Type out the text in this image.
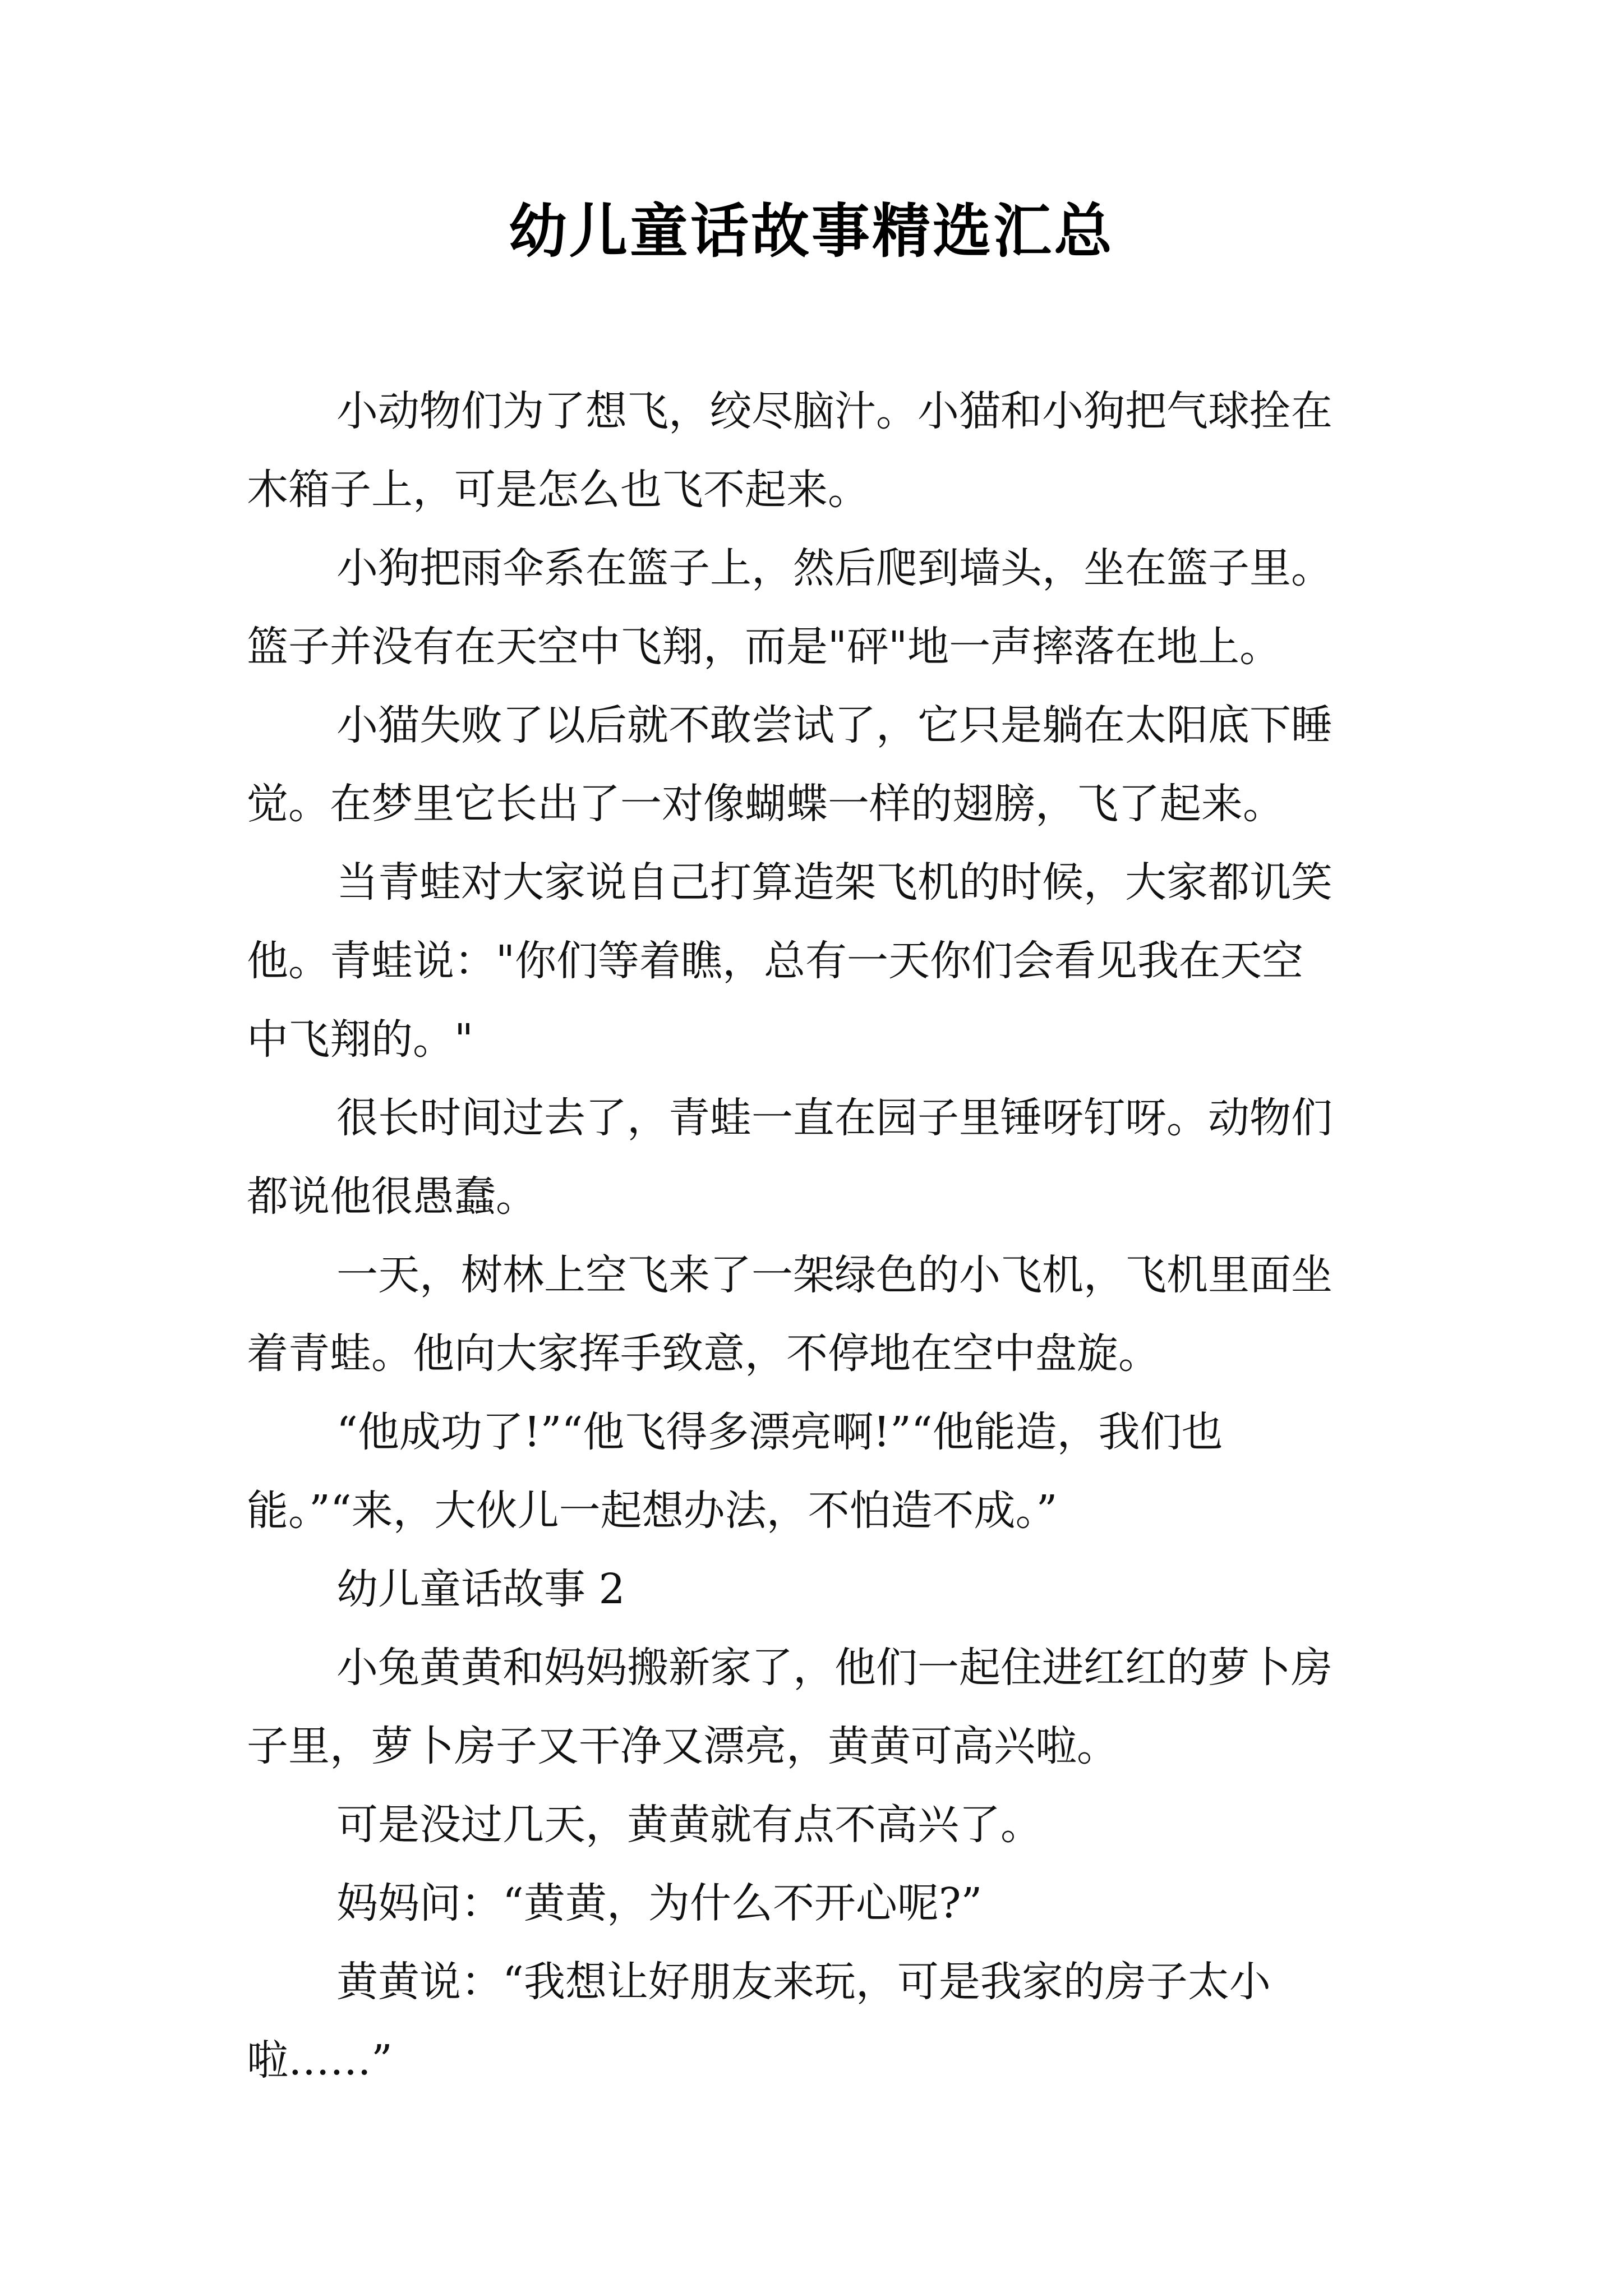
幼儿童话故事精选汇总
小动物们为了想飞，绞尽脑汁。小猫和小狗把气球拴在
木箱子上，可是怎么也飞不起来。
小狗把雨伞系在篮子上，然后爬到墙头，坐在篮子里。
篮子并没有在天空中飞翔，而是"砰"地一声摔落在地上。
小猫失败了以后就不敢尝试了，它只是躺在太阳底下睡
觉。在梦里它长出了一对像蝴蝶一样的翅膀，飞了起来。
当青蛙对大家说自己打算造架飞机的时候，大家都讥笑
他。青蛙说："你们等着瞧，总有一天你们会看见我在天空
中飞翔的。"
很长时间过去了，青蛙一直在园子里锤呀钉呀。动物们
都说他很愚蠢。
一天，树林上空飞来了一架绿色的小飞机，飞机里面坐
着青蛙。他向大家挥手致意，不停地在空中盘旋。
“他成功了!”“他飞得多漂亮啊!”“他能造，我们也
能。”“来，大伙儿一起想办法，不怕造不成。”
幼儿童话故事 2
小兔黄黄和妈妈搬新家了，他们一起住进红红的萝卜房
子里，萝卜房子又干净又漂亮，黄黄可高兴啦。
可是没过几天，黄黄就有点不高兴了。
妈妈问：“黄黄，为什么不开心呢?”
黄黄说：“我想让好朋友来玩，可是我家的房子太小
啦……”
